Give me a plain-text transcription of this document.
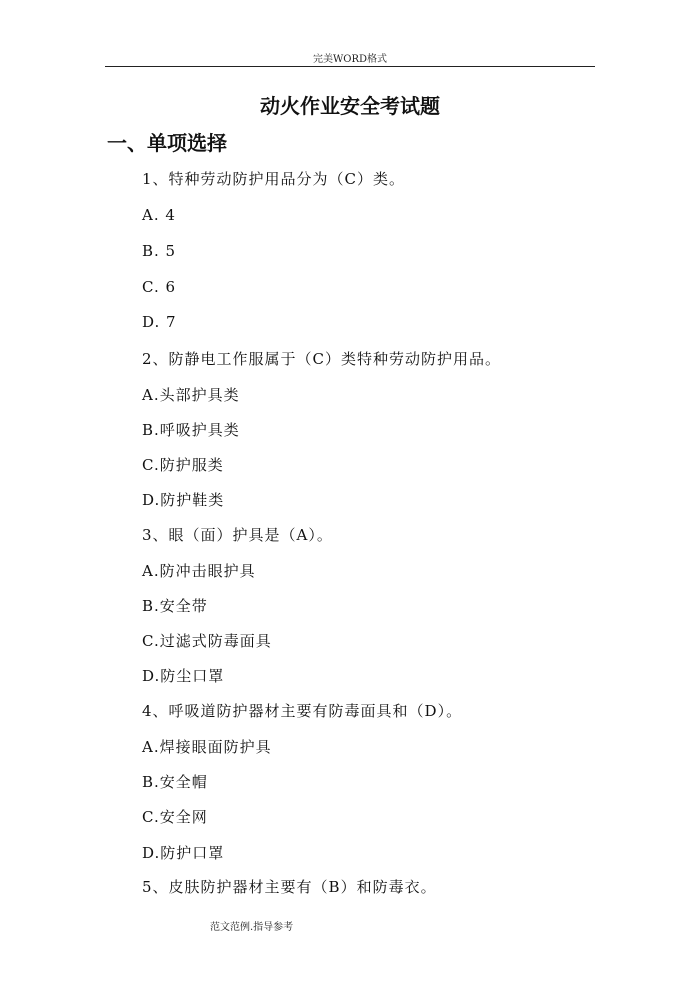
完美WORD格式
动火作业安全考试题
一、单项选择
1、特种劳动防护用品分为（C）类。
A. 4
B. 5
C. 6
D. 7
2、防静电工作服属于（C）类特种劳动防护用品。
A.头部护具类
B.呼吸护具类
C.防护服类
D.防护鞋类
3、眼（面）护具是（A）。
A.防冲击眼护具
B.安全带
C.过滤式防毒面具
D.防尘口罩
4、呼吸道防护器材主要有防毒面具和（D）。
A.焊接眼面防护具
B.安全帽
C.安全网
D.防护口罩
5、皮肤防护器材主要有（B）和防毒衣。
范文范例.指导参考
